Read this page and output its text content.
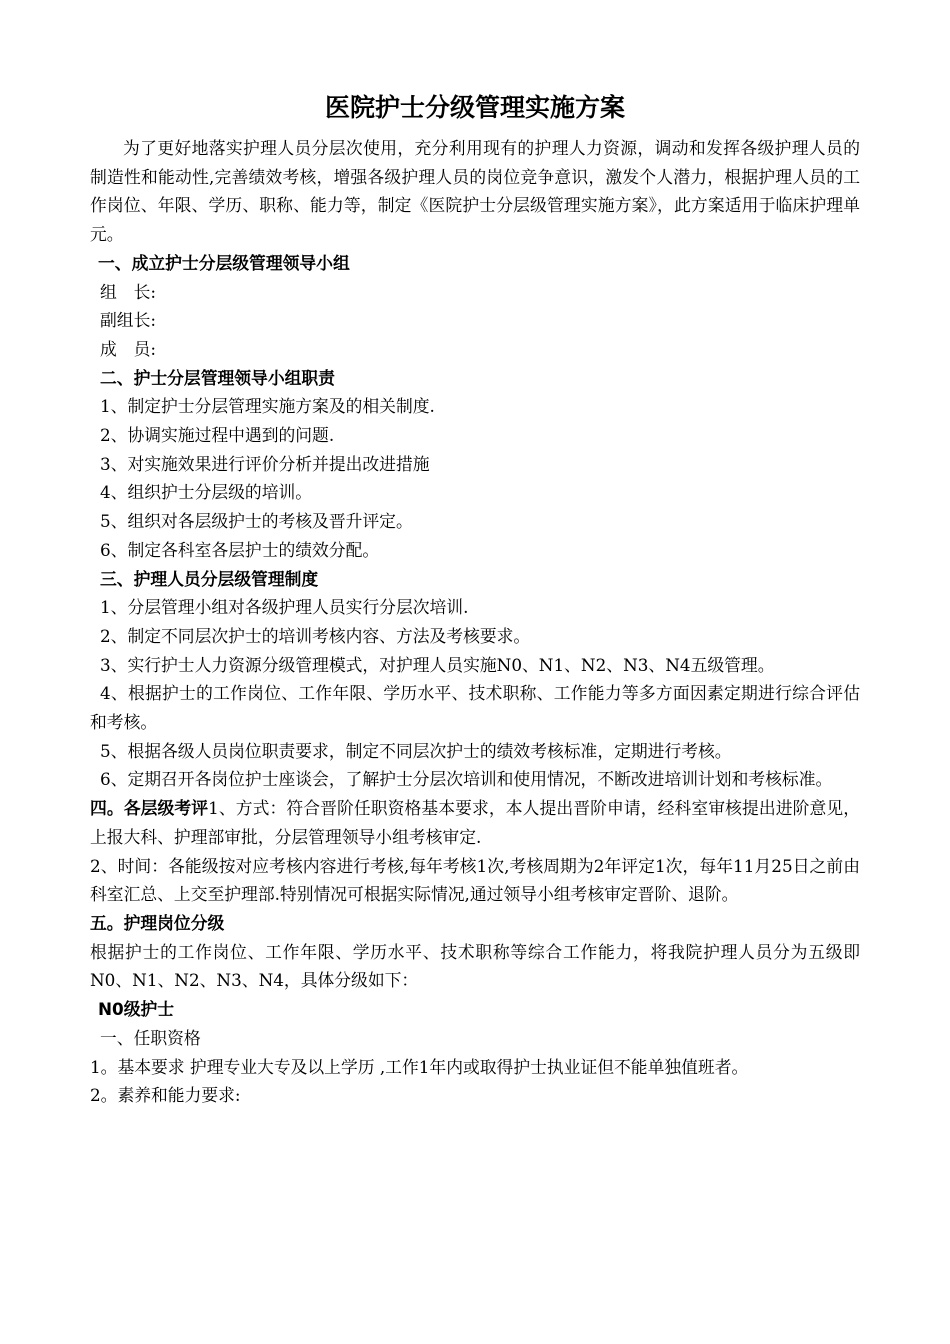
医院护士分级管理实施方案

为了更好地落实护理人员分层次使用，充分利用现有的护理人力资源，调动和发挥各级护理人员的制造性和能动性,完善绩效考核，增强各级护理人员的岗位竞争意识，激发个人潜力，根据护理人员的工作岗位、年限、学历、职称、能力等，制定《医院护士分层级管理实施方案》，此方案适用于临床护理单元。

一、成立护士分层级管理领导小组

组　长:

副组长:

成　员:

二、护士分层管理领导小组职责

1、制定护士分层管理实施方案及的相关制度.

2、协调实施过程中遇到的问题.

3、对实施效果进行评价分析并提出改进措施

4、组织护士分层级的培训。

5、组织对各层级护士的考核及晋升评定。

6、制定各科室各层护士的绩效分配。

三、护理人员分层级管理制度

1、分层管理小组对各级护理人员实行分层次培训.

2、制定不同层次护士的培训考核内容、方法及考核要求。

3、实行护士人力资源分级管理模式，对护理人员实施N0、N1、N2、N3、N4五级管理。

4、根据护士的工作岗位、工作年限、学历水平、技术职称、工作能力等多方面因素定期进行综合评估和考核。

5、根据各级人员岗位职责要求，制定不同层次护士的绩效考核标准，定期进行考核。

6、定期召开各岗位护士座谈会，了解护士分层次培训和使用情况，不断改进培训计划和考核标准。

四。各层级考评1、方式：符合晋阶任职资格基本要求，本人提出晋阶申请，经科室审核提出进阶意见，上报大科、护理部审批，分层管理领导小组考核审定.

2、时间：各能级按对应考核内容进行考核,每年考核1次,考核周期为2年评定1次，每年11月25日之前由科室汇总、上交至护理部.特别情况可根据实际情况,通过领导小组考核审定晋阶、退阶。

五。护理岗位分级

根据护士的工作岗位、工作年限、学历水平、技术职称等综合工作能力，将我院护理人员分为五级即N0、N1、N2、N3、N4，具体分级如下：

N0级护士

一、任职资格

1。基本要求 护理专业大专及以上学历 ,工作1年内或取得护士执业证但不能单独值班者。

2。素养和能力要求:
